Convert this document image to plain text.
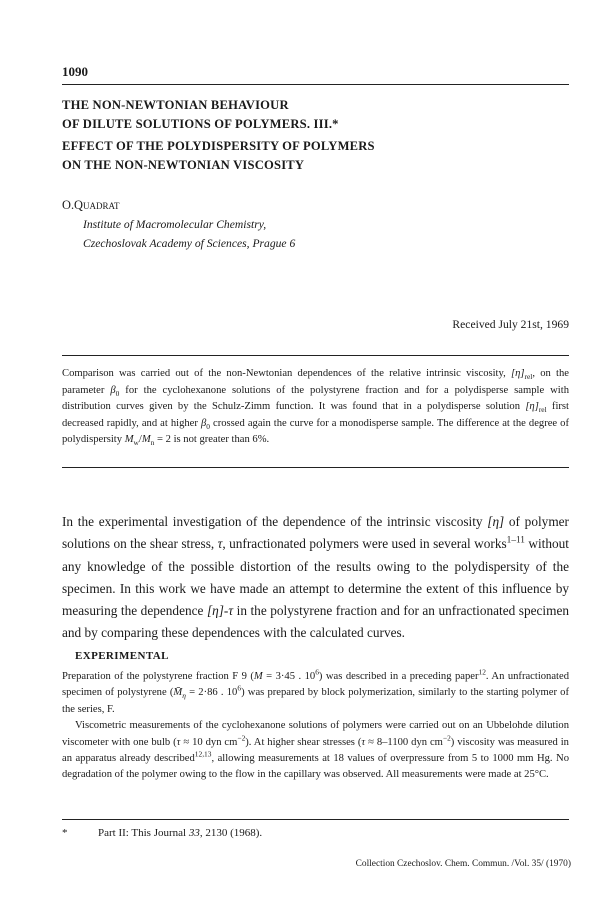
1090
THE NON-NEWTONIAN BEHAVIOUR
OF DILUTE SOLUTIONS OF POLYMERS. III.*
EFFECT OF THE POLYDISPERSITY OF POLYMERS
ON THE NON-NEWTONIAN VISCOSITY
O.Quadrat
Institute of Macromolecular Chemistry,
Czechoslovak Academy of Sciences, Prague 6
Received July 21st, 1969
Comparison was carried out of the non-Newtonian dependences of the relative intrinsic viscosity, $[\eta]_{rel}$, on the parameter $\beta_0$ for the cyclohexanone solutions of the polystyrene fraction and for a polydisperse sample with distribution curves given by the Schulz-Zimm function. It was found that in a polydisperse solution $[\eta]_{rel}$ first decreased rapidly, and at higher $\beta_0$ crossed again the curve for a monodisperse sample. The difference at the degree of polydispersity $M_w/M_n = 2$ is not greater than 6%.
In the experimental investigation of the dependence of the intrinsic viscosity [η] of polymer solutions on the shear stress, τ, unfractionated polymers were used in several works$^{1-11}$ without any knowledge of the possible distortion of the results owing to the polydispersity of the specimen. In this work we have made an attempt to determine the extent of this influence by measuring the dependence [η]-τ in the polystyrene fraction and for an unfractionated specimen and by comparing these dependences with the calculated curves.
EXPERIMENTAL

Preparation of the polystyrene fraction F 9 (M = 3·45 . $10^6$) was described in a preceding paper$^{12}$. An unfractionated specimen of polystyrene ($M̄_\eta = 2\cdot 86$ . $10^6$) was prepared by block polymerization, similarly to the starting polymer of the series, F.

Viscometric measurements of the cyclohexanone solutions of polymers were carried out on an Ubbelohde dilution viscometer with one bulb (τ ≈ 10 dyn $cm^{-2}$). At higher shear stresses (τ ≈ 8–1100 dyn $cm^{-2}$) viscosity was measured in an apparatus already described$^{12,13}$, allowing measurements at 18 values of overpressure from 5 to 1000 mm Hg. No degradation of the polymer owing to the flow in the capillary was observed. All measurements were made at 25°C.

*	Part II: This Journal 33, 2130 (1968).
Collection Czechoslov. Chem. Commun. /Vol. 35/ (1970)
